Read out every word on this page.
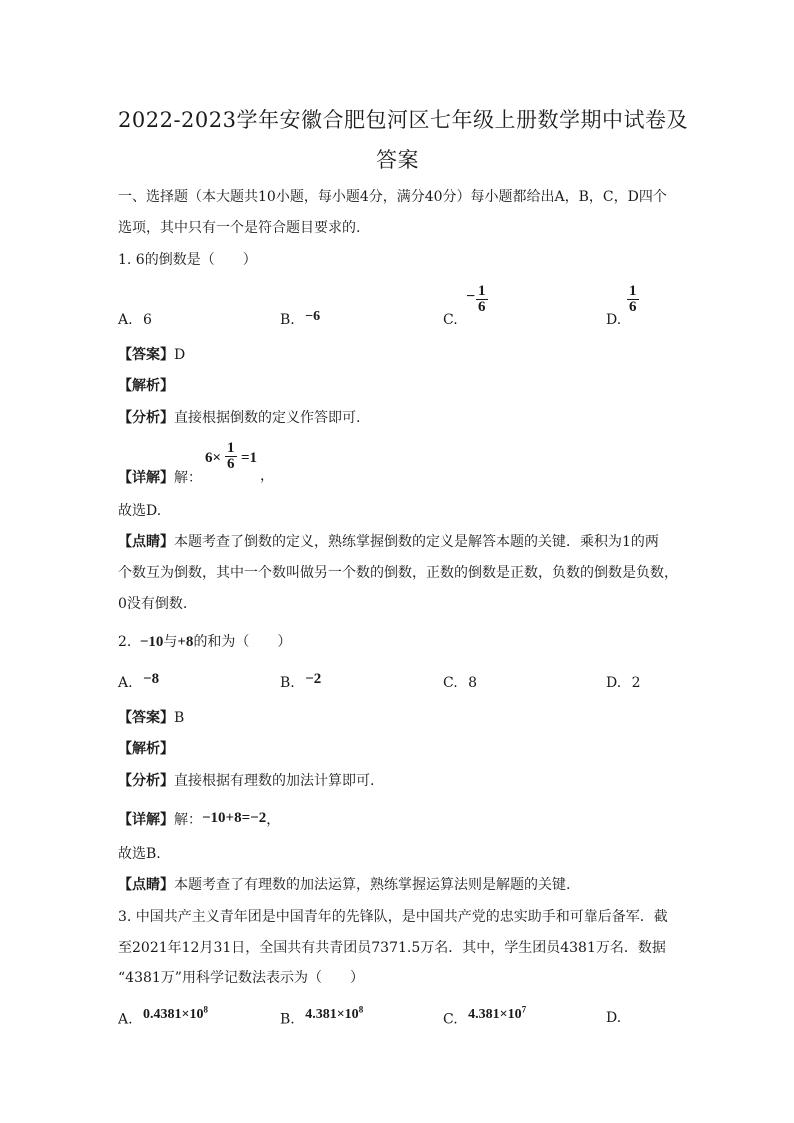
2022-2023学年安徽合肥包河区七年级上册数学期中试卷及
答案
一、选择题（本大题共10小题，每小题4分，满分40分）每小题都给出A，B，C，D四个
选项，其中只有一个是符合题目要求的.
1. 6的倒数是（　　）
A. 6	B. −6	C.
− $\frac{1}{6}$
D.
$\frac{1}{6}$
【答案】D
【解析】
【分析】直接根据倒数的定义作答即可.
【详解】解：
$6\times \frac{1}{6} =1$
，
故选D.
【点睛】本题考查了倒数的定义，熟练掌握倒数的定义是解答本题的关键．乘积为1的两
个数互为倒数，其中一个数叫做另一个数的倒数，正数的倒数是正数，负数的倒数是负数，
0没有倒数.
2. −10与+8的和为（　　）
A. −8	B. −2	C. 8	D. 2
【答案】B
【解析】
【分析】直接根据有理数的加法计算即可.
【详解】解：−10+8=−2，
故选B.
【点睛】本题考查了有理数的加法运算，熟练掌握运算法则是解题的关键.
3. 中国共产主义青年团是中国青年的先锋队，是中国共产党的忠实助手和可靠后备军．截
至2021年12月31日，全国共有共青团员7371.5万名．其中，学生团员4381万名．数据
“4381万”用科学记数法表示为（　　）
A. $0.4381\times 10^8$
B. $4.381\times 10^8$
C. $4.381\times 10^7$
D.
